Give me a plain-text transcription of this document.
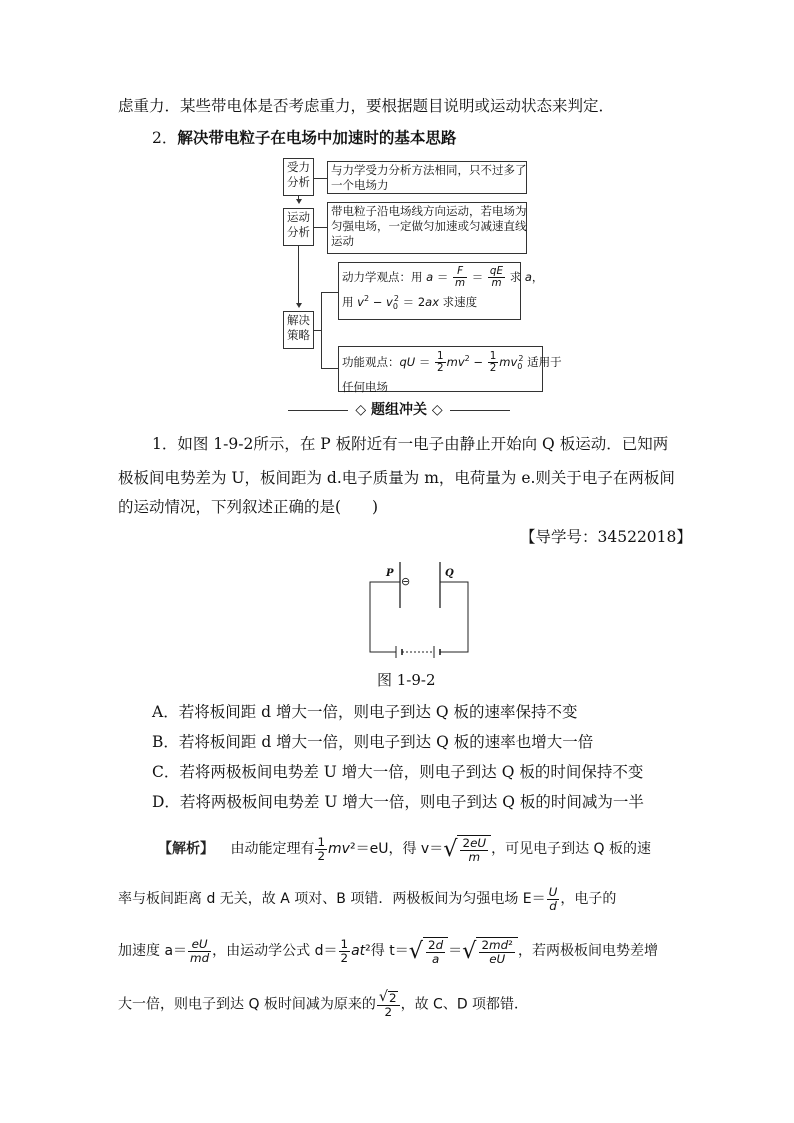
虑重力．某些带电体是否考虑重力，要根据题目说明或运动状态来判定．
2．解决带电粒子在电场中加速时的基本思路
受力
分析
运动
分析
解决
策略
与力学受力分析方法相同，只不过多了
一个电场力
带电粒子沿电场线方向运动，若电场为
匀强电场，一定做匀加速或匀减速直线
运动
动力学观点：用 $a = \frac{F}{m} = \frac{qE}{m}$ 求 a，
用 $v^2 - v_0^2 = 2ax$ 求速度
功能观点：qU ＝ $\frac{1}{2} mv^2 - \frac{1}{2} mv_0^2$ 适用于
任何电场
◇ 题组冲关 ◇
1．如图 1-9-2所示，在 P 板附近有一电子由静止开始向 Q 板运动．已知两
极板间电势差为 U，板间距为 d.电子质量为 m，电荷量为 e.则关于电子在两板间
的运动情况，下列叙述正确的是(　　)
【导学号：34522018】
P	Q
⊖
图 1-9-2
A．若将板间距 d 增大一倍，则电子到达 Q 板的速率保持不变
B．若将板间距 d 增大一倍，则电子到达 Q 板的速率也增大一倍
C．若将两极板间电势差 U 增大一倍，则电子到达 Q 板的时间保持不变
D．若将两极板间电势差 U 增大一倍，则电子到达 Q 板的时间减为一半
【解析】 由动能定理有 $\frac{1}{2} mv^2=eU$，得 $v=√ \frac{2eU}{m}$ ，可见电子到达 Q 板的速
率与板间距离 d 无关，故 A 项对、B 项错．两极板间为匀强电场 $E= \frac{U}{d}$ ，电子的
加速度 $a= \frac{eU}{md}$ ，由运动学公式 $d= \frac{1}{2} at^2$得 $t=√ \frac{2d}{a}$ ＝√ $\frac{\text{2md²}}{eU}$ ，若两极板间电势差增
大一倍，则电子到达 Q 板时间减为原来的 $\frac{√2}{2}$ ，故 C、D 项都错．
